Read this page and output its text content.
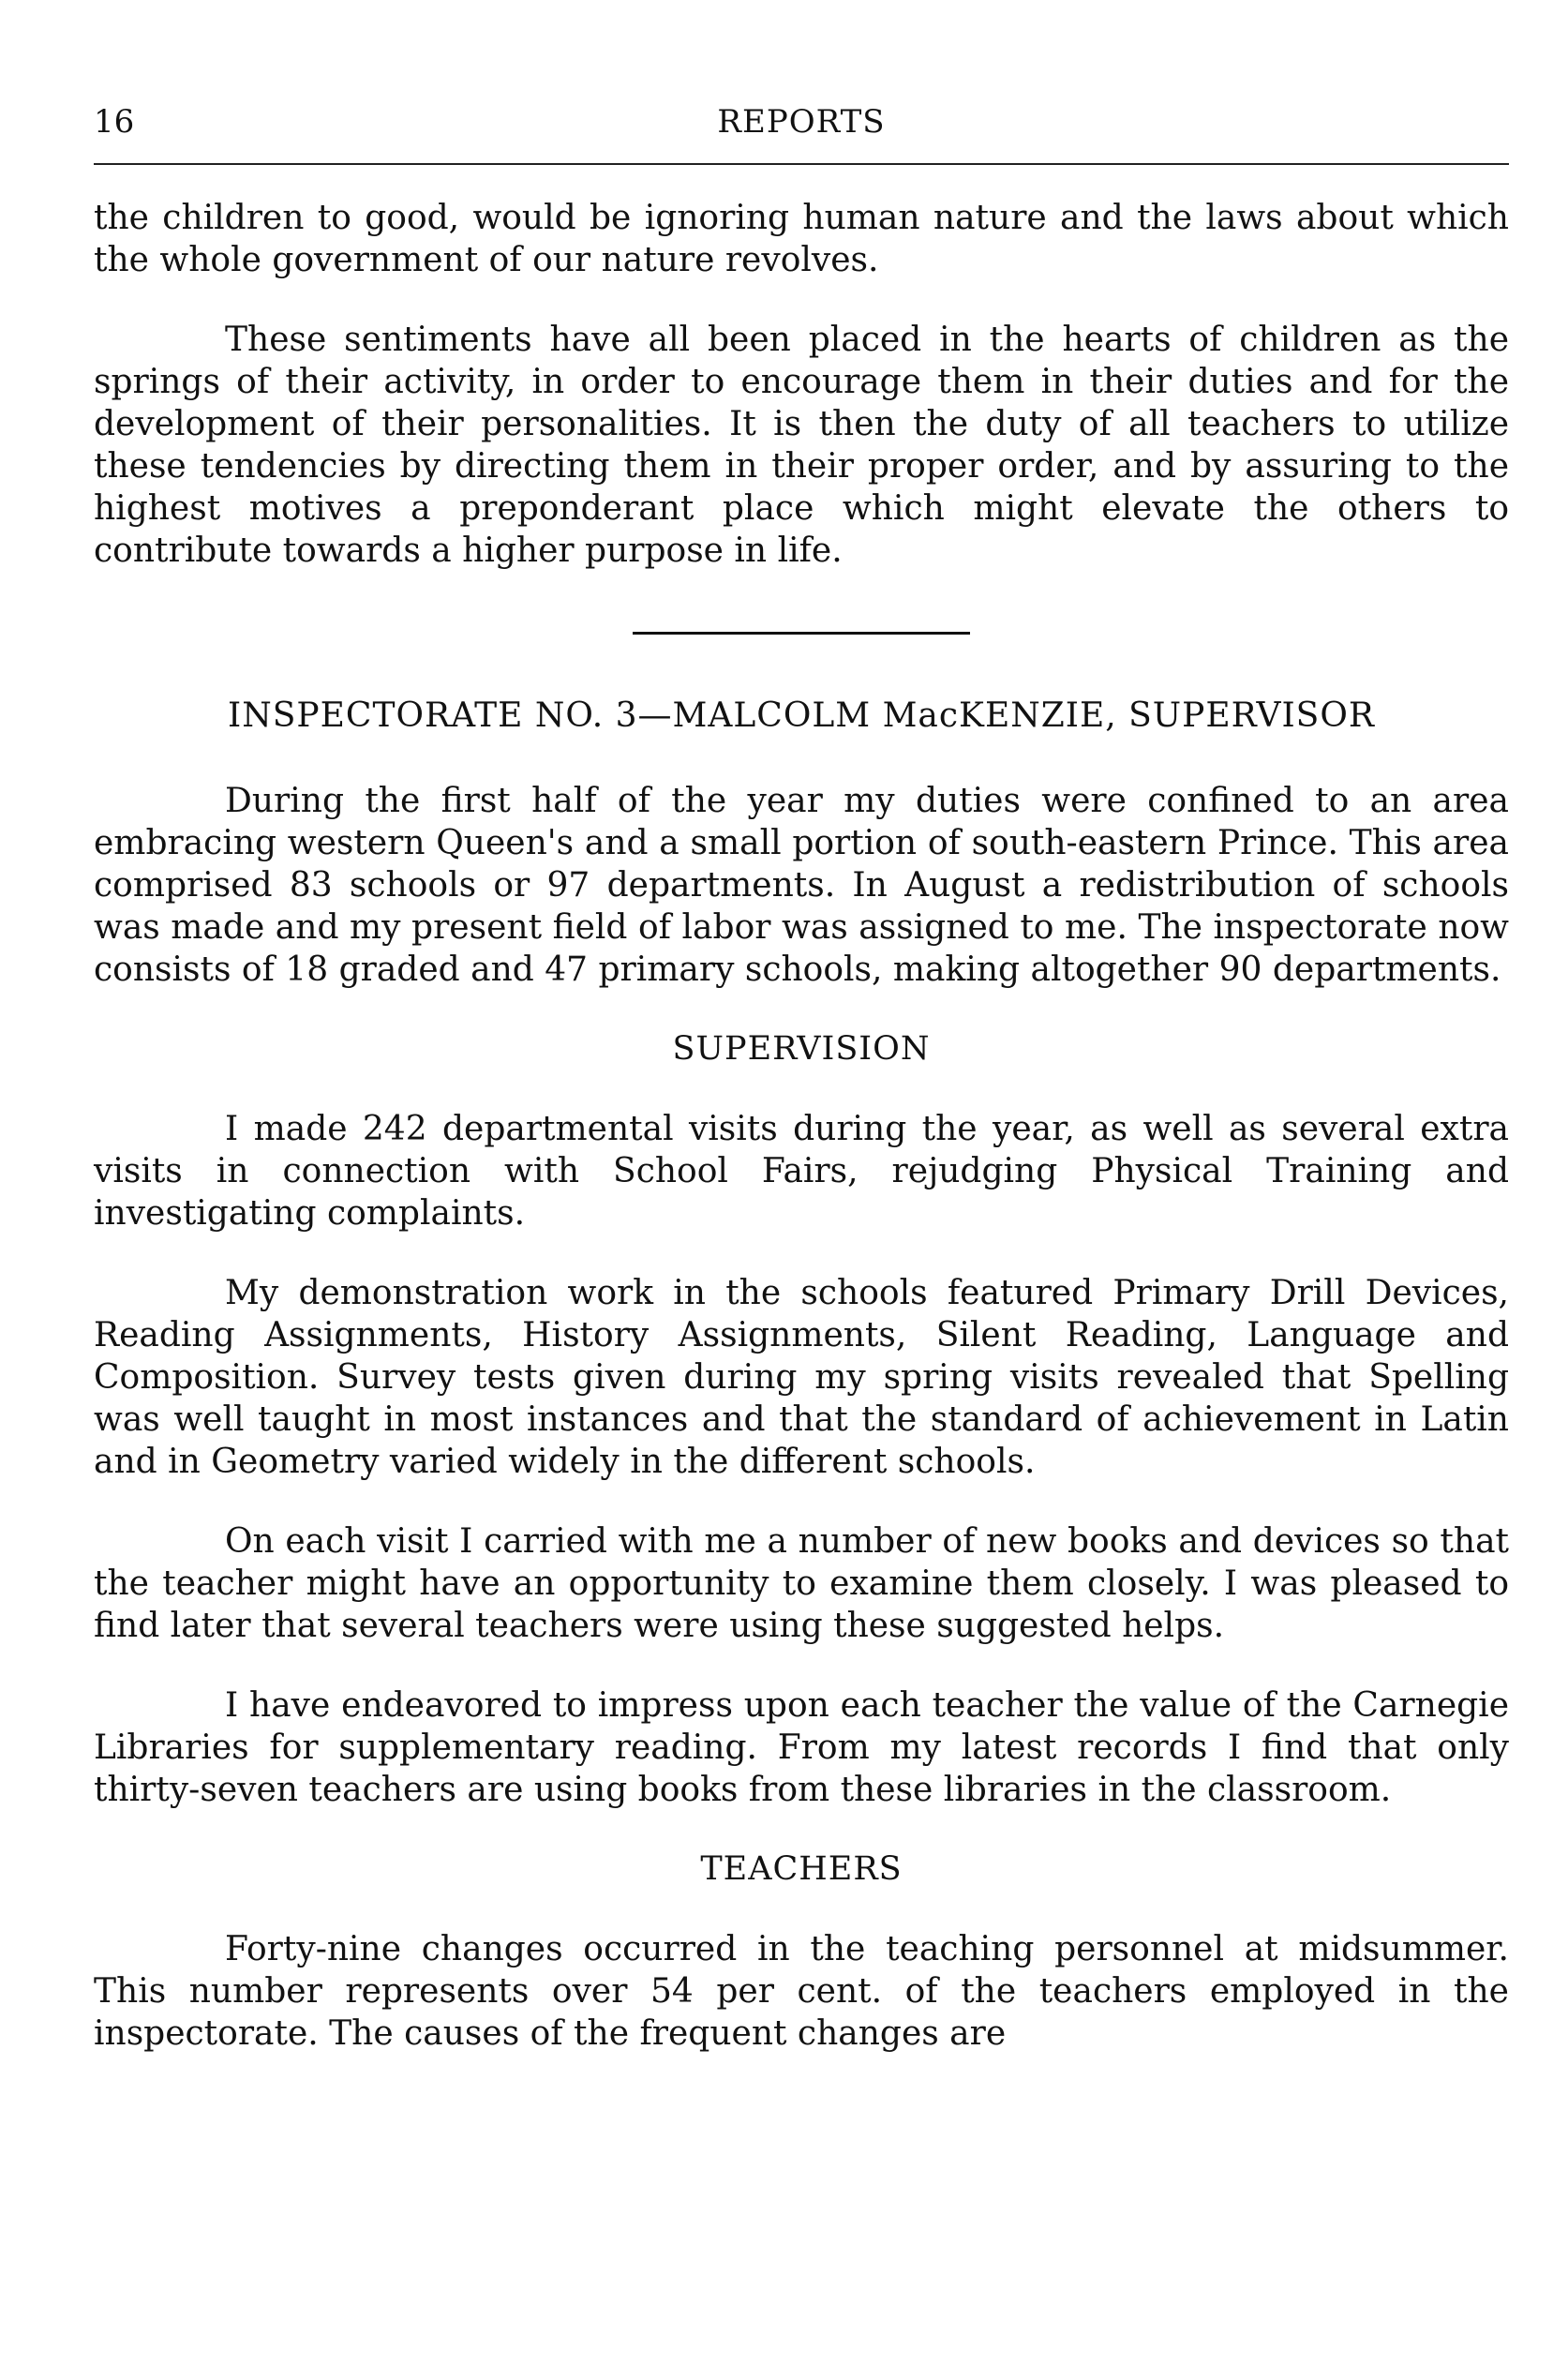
16	REPORTS

the children to good, would be ignoring human nature and the laws about which the whole government of our nature revolves.

These sentiments have all been placed in the hearts of children as the springs of their activity, in order to encourage them in their duties and for the development of their personalities. It is then the duty of all teachers to utilize these tendencies by directing them in their proper order, and by assuring to the highest motives a preponderant place which might elevate the others to contribute towards a higher purpose in life.

INSPECTORATE NO. 3—MALCOLM MacKENZIE, SUPERVISOR

During the first half of the year my duties were confined to an area embracing western Queen's and a small portion of south-eastern Prince. This area comprised 83 schools or 97 departments. In August a redistribution of schools was made and my present field of labor was assigned to me. The inspectorate now consists of 18 graded and 47 primary schools, making altogether 90 departments.

SUPERVISION

I made 242 departmental visits during the year, as well as several extra visits in connection with School Fairs, rejudging Physical Training and investigating complaints.

My demonstration work in the schools featured Primary Drill Devices, Reading Assignments, History Assignments, Silent Reading, Language and Composition. Survey tests given during my spring visits revealed that Spelling was well taught in most instances and that the standard of achievement in Latin and in Geometry varied widely in the different schools.

On each visit I carried with me a number of new books and devices so that the teacher might have an opportunity to examine them closely. I was pleased to find later that several teachers were using these suggested helps.

I have endeavored to impress upon each teacher the value of the Carnegie Libraries for supplementary reading. From my latest records I find that only thirty-seven teachers are using books from these libraries in the classroom.

TEACHERS

Forty-nine changes occurred in the teaching personnel at midsummer. This number represents over 54 per cent. of the teachers employed in the inspectorate. The causes of the frequent changes are
